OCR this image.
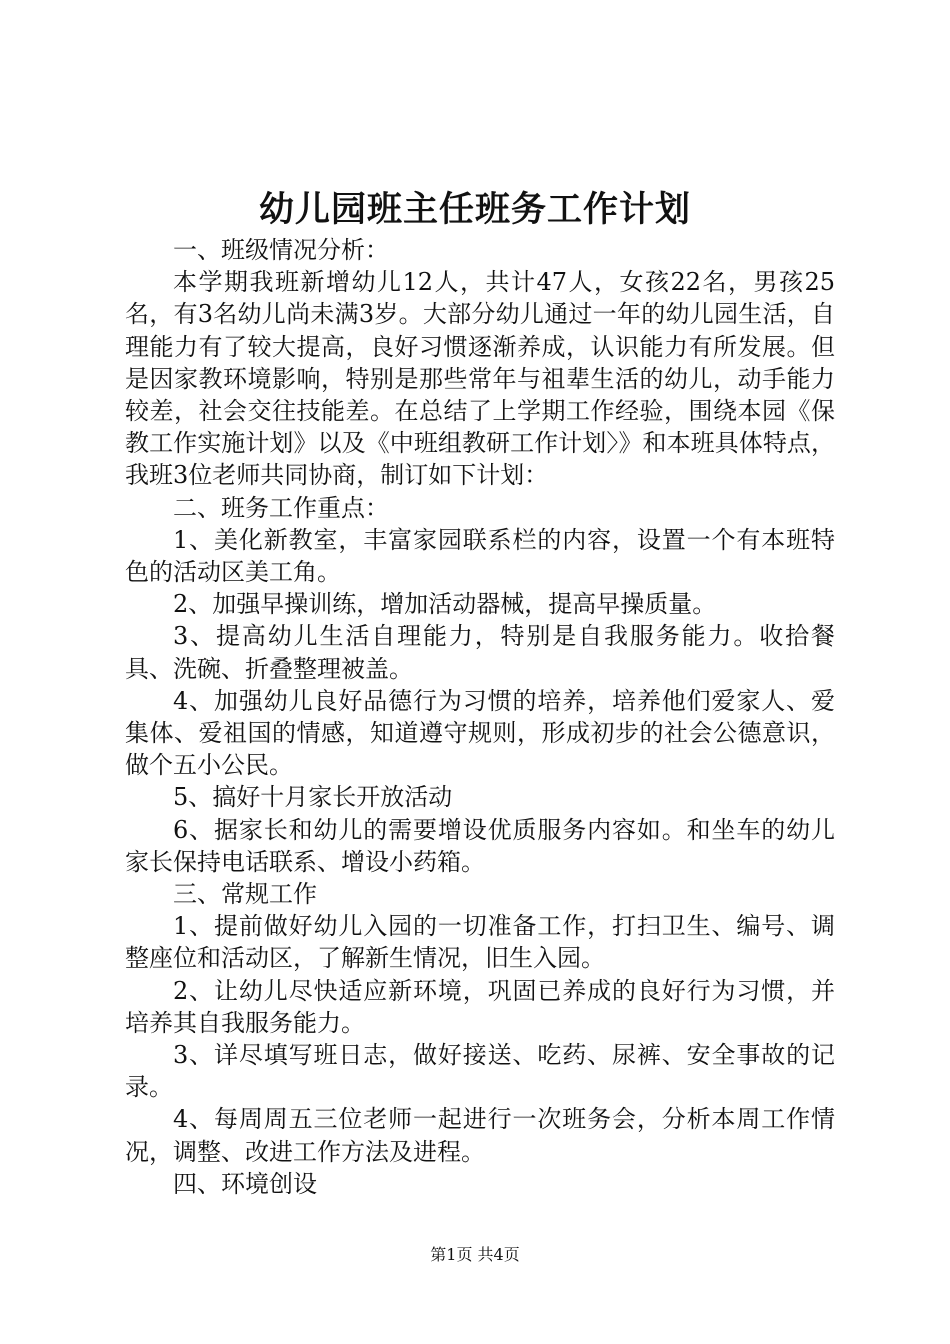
幼儿园班主任班务工作计划

一、班级情况分析：

本学期我班新增幼儿12人，共计47人，女孩22名，男孩25名，有3名幼儿尚未满3岁。大部分幼儿通过一年的幼儿园生活，自理能力有了较大提高，良好习惯逐渐养成，认识能力有所发展。但是因家教环境影响，特别是那些常年与祖辈生活的幼儿，动手能力较差，社会交往技能差。在总结了上学期工作经验，围绕本园《保教工作实施计划》以及《中班组教研工作计划〉》和本班具体特点，我班3位老师共同协商，制订如下计划：

二、班务工作重点：

1、美化新教室，丰富家园联系栏的内容，设置一个有本班特色的活动区美工角。

2、加强早操训练，增加活动器械，提高早操质量。

3、提高幼儿生活自理能力，特别是自我服务能力。收拾餐具、洗碗、折叠整理被盖。

4、加强幼儿良好品德行为习惯的培养，培养他们爱家人、爱集体、爱祖国的情感，知道遵守规则，形成初步的社会公德意识，做个五小公民。

5、搞好十月家长开放活动

6、据家长和幼儿的需要增设优质服务内容如。和坐车的幼儿家长保持电话联系、增设小药箱。

三、常规工作

1、提前做好幼儿入园的一切准备工作，打扫卫生、编号、调整座位和活动区，了解新生情况，旧生入园。

2、让幼儿尽快适应新环境，巩固已养成的良好行为习惯，并培养其自我服务能力。

3、详尽填写班日志，做好接送、吃药、尿裤、安全事故的记录。

4、每周周五三位老师一起进行一次班务会，分析本周工作情况，调整、改进工作方法及进程。

四、环境创设

第1页 共4页
